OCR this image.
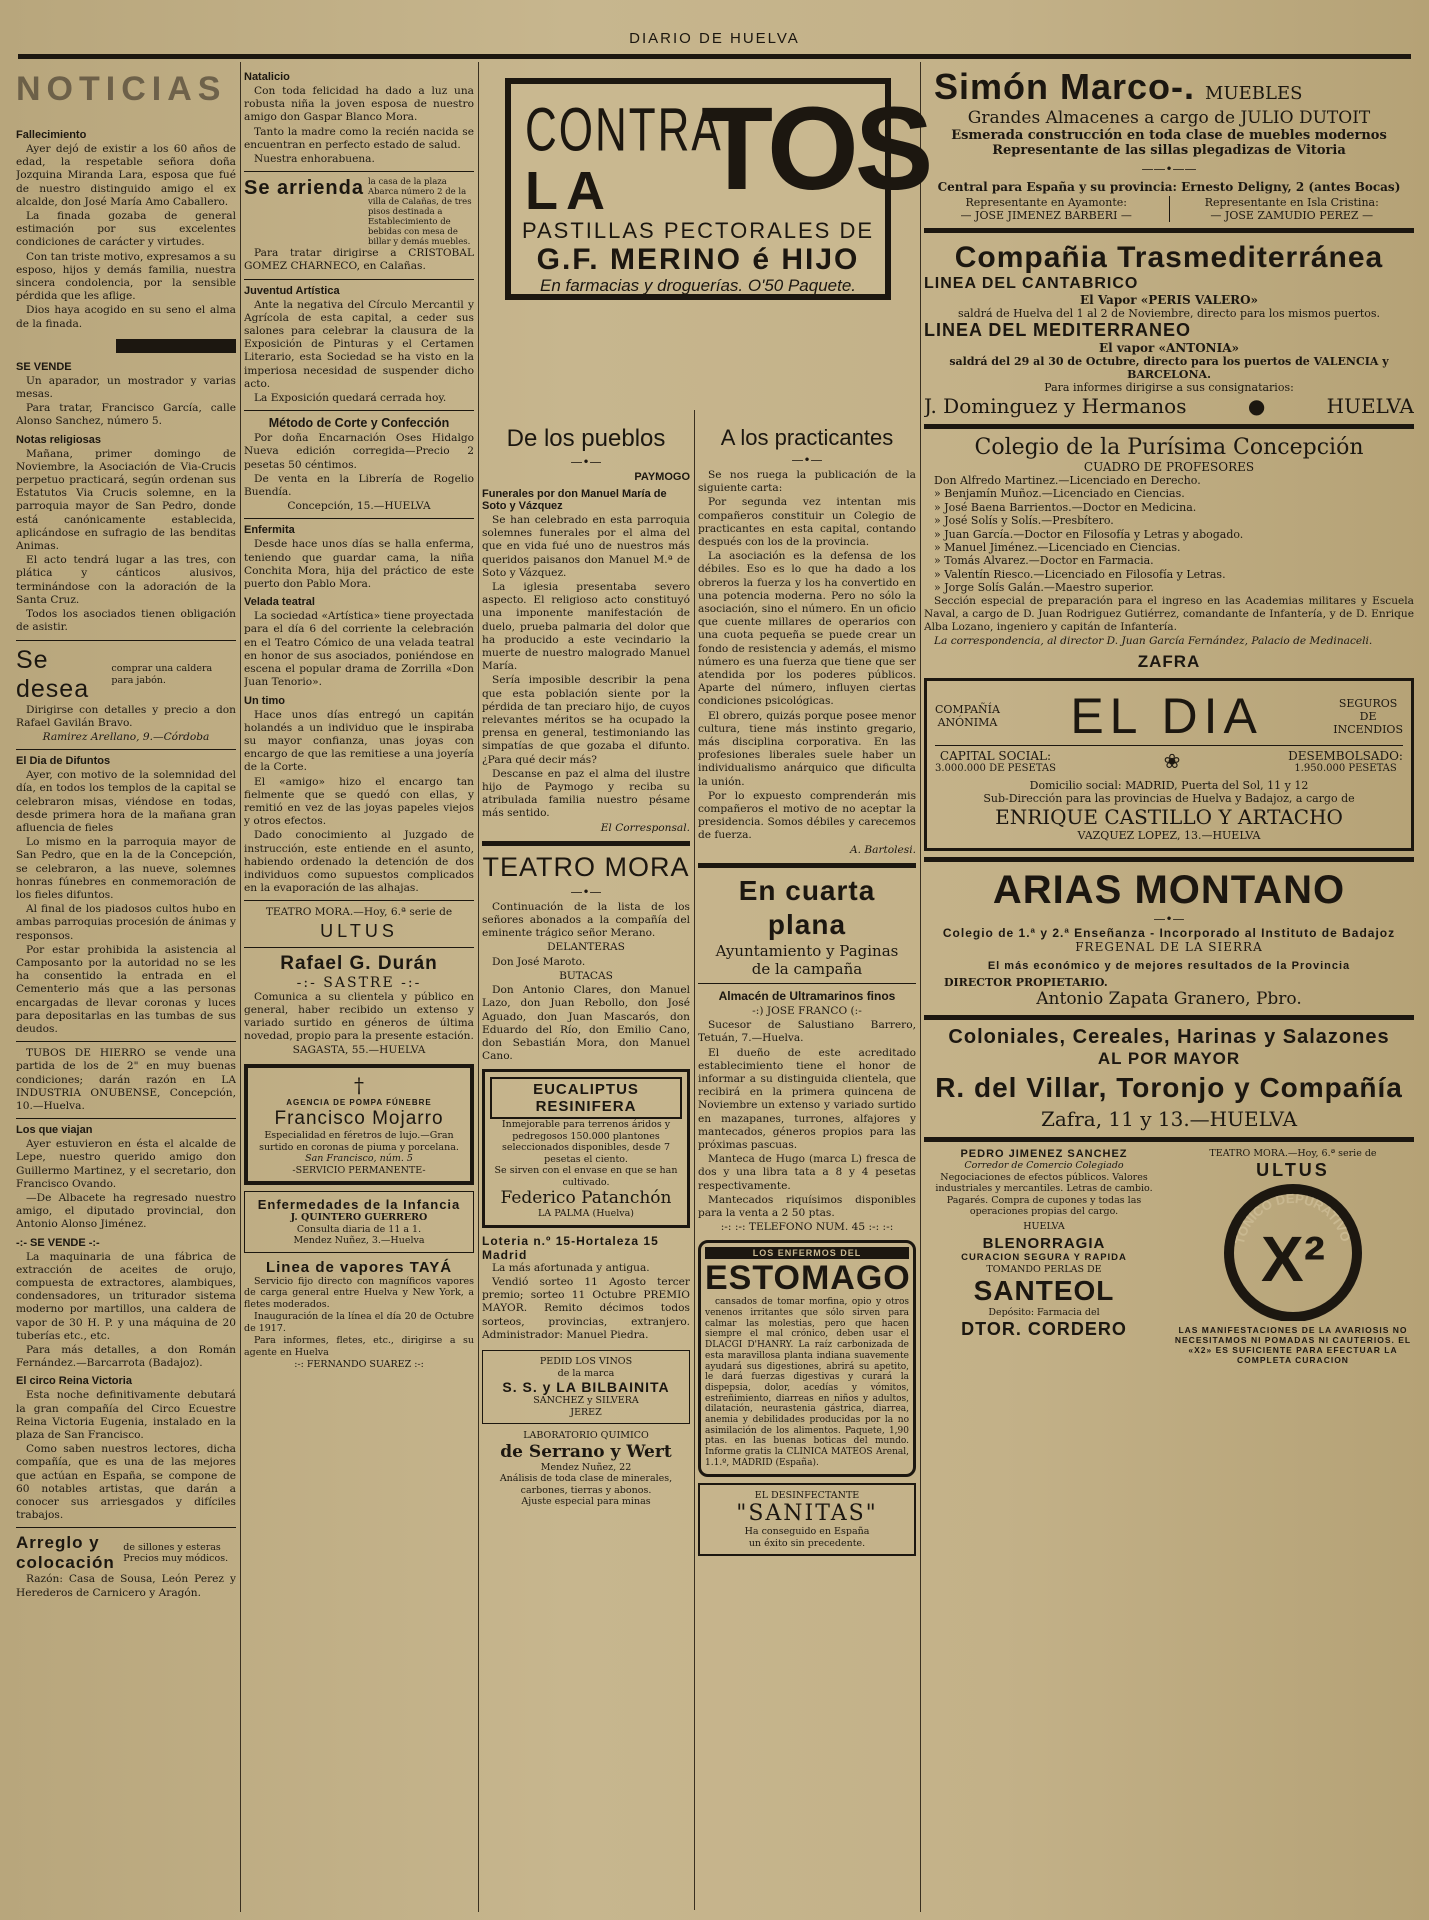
DIARIO DE HUELVA
NOTICIAS
Fallecimiento

Ayer dejó de existir a los 60 años de edad, la respetable señora doña Jozquina Miranda Lara, esposa que fué de nuestro distinguido amigo el ex alcalde, don José María Amo Caballero.

La finada gozaba de general estimación por sus excelentes condiciones de carácter y virtudes.

Con tan triste motivo, expresamos a su esposo, hijos y demás familia, nuestra sincera condolencia, por la sensible pérdida que les aflige.

Dios haya acogido en su seno el alma de la finada.

SE VENDE

Un aparador, un mostrador y varias mesas.

Para tratar, Francisco García, calle Alonso Sanchez, número 5.

Notas religiosas

Mañana, primer domingo de Noviembre, la Asociación de Via-Crucis perpetuo practicará, según ordenan sus Estatutos Via Crucis solemne, en la parroquia mayor de San Pedro, donde está canónicamente establecida, aplicándose en sufragio de las benditas Animas.

El acto tendrá lugar a las tres, con plática y cánticos alusivos, terminándose con la adoración de la Santa Cruz.

Todos los asociados tienen obligación de asistir.

Se desea
comprar una caldera para jabón.

Dirigirse con detalles y precio a don Rafael Gavilán Bravo.

Ramirez Arellano, 9.—Córdoba

El Dia de Difuntos

Ayer, con motivo de la solemnidad del día, en todos los templos de la capital se celebraron misas, viéndose en todas, desde primera hora de la mañana gran afluencia de fieles

Lo mismo en la parroquia mayor de San Pedro, que en la de la Concepción, se celebraron, a las nueve, solemnes honras fúnebres en conmemoración de los fieles difuntos.

Al final de los piadosos cultos hubo en ambas parroquias procesión de ánimas y responsos.

Por estar prohibida la asistencia al Camposanto por la autoridad no se les ha consentido la entrada en el Cementerio más que a las personas encargadas de llevar coronas y luces para depositarlas en las tumbas de sus deudos.

TUBOS DE HIERRO se vende una partida de los de 2" en muy buenas condiciones; darán razón en LA INDUSTRIA ONUBENSE, Concepción, 10.—Huelva.

Los que viajan

Ayer estuvieron en ésta el alcalde de Lepe, nuestro querido amigo don Guillermo Martinez, y el secretario, don Francisco Ovando.

—De Albacete ha regresado nuestro amigo, el diputado provincial, don Antonio Alonso Jiménez.

-:- SE VENDE -:-

La maquinaria de una fábrica de extracción de aceites de orujo, compuesta de extractores, alambiques, condensadores, un triturador sistema moderno por martillos, una caldera de vapor de 30 H. P. y una máquina de 20 tuberías etc., etc.

Para más detalles, a don Román Fernández.—Barcarrota (Badajoz).

El circo Reina Victoria

Esta noche definitivamente debutará la gran compañía del Circo Ecuestre Reina Victoria Eugenia, instalado en la plaza de San Francisco.

Como saben nuestros lectores, dicha compañía, que es una de las mejores que actúan en España, se compone de 60 notables artistas, que darán a conocer sus arriesgados y difíciles trabajos.

Arreglo y colocación
de sillones y esteras Precios muy módicos.

Razón: Casa de Sousa, León Perez y Herederos de Carnicero y Aragón.

Natalicio

Con toda felicidad ha dado a luz una robusta niña la joven esposa de nuestro amigo don Gaspar Blanco Mora.

Tanto la madre como la recién nacida se encuentran en perfecto estado de salud.

Nuestra enhorabuena.

Se arrienda la casa de la plaza Abarca número 2 de la villa de Calañas, de tres pisos destinada a Establecimiento de bebidas con mesa de billar y demás muebles.

Para tratar dirigirse a CRISTOBAL GOMEZ CHARNECO, en Calañas.

Juventud Artística

Ante la negativa del Círculo Mercantil y Agrícola de esta capital, a ceder sus salones para celebrar la clausura de la Exposición de Pinturas y el Certamen Literario, esta Sociedad se ha visto en la imperiosa necesidad de suspender dicho acto.

La Exposición quedará cerrada hoy.

Método de Corte y Confección

Por doña Encarnación Oses Hidalgo Nueva edición corregida—Precio 2 pesetas 50 céntimos.

De venta en la Librería de Rogelio Buendía.

Concepción, 15.—HUELVA

Enfermita

Desde hace unos días se halla enferma, teniendo que guardar cama, la niña Conchita Mora, hija del práctico de este puerto don Pablo Mora.

Velada teatral

La sociedad «Artística» tiene proyectada para el día 6 del corriente la celebración en el Teatro Cómico de una velada teatral en honor de sus asociados, poniéndose en escena el popular drama de Zorrilla «Don Juan Tenorio».

Un timo

Hace unos días entregó un capitán holandés a un individuo que le inspiraba su mayor confianza, unas joyas con encargo de que las remitiese a una joyería de la Corte.

El «amigo» hizo el encargo tan fielmente que se quedó con ellas, y remitió en vez de las joyas papeles viejos y otros efectos.

Dado conocimiento al Juzgado de instrucción, este entiende en el asunto, habiendo ordenado la detención de dos individuos como supuestos complicados en la evaporación de las alhajas.

TEATRO MORA.—Hoy, 6.ª serie de

ULTUS
Rafael G. Durán
-:- SASTRE -:-

Comunica a su clientela y público en general, haber recibido un extenso y variado surtido en géneros de última novedad, propio para la presente estación.

SAGASTA, 55.—HUELVA

†
AGENCIA DE POMPA FÚNEBRE
Francisco Mojarro
Especialidad en féretros de lujo.—Gran surtido en coronas de piuma y porcelana.
San Francisco, núm. 5
-SERVICIO PERMANENTE-
Enfermedades de la Infancia
J. QUINTERO GUERRERO
Consulta diaria de 11 a 1.
Mendez Nuñez, 3.—Huelva
Linea de vapores TAYÁ

Servicio fijo directo con magníficos vapores de carga general entre Huelva y New York, a fletes moderados.

Inauguración de la línea el día 20 de Octubre de 1917.

Para informes, fletes, etc., dirigirse a su agente en Huelva

:-: FERNANDO SUAREZ :-:

CONTRA
LA TOS
PASTILLAS PECTORALES DE
G.F. MERINO é HIJO
En farmacias y droguerías. O'50 Paquete.
De los pueblos
—•—
PAYMOGO
Funerales por don Manuel María de Soto y Vázquez

Se han celebrado en esta parroquia solemnes funerales por el alma del que en vida fué uno de nuestros más queridos paisanos don Manuel M.ª de Soto y Vázquez.

La iglesia presentaba severo aspecto. El religioso acto constituyó una imponente manifestación de duelo, prueba palmaria del dolor que ha producido a este vecindario la muerte de nuestro malogrado Manuel María.

Sería imposible describir la pena que esta población siente por la pérdida de tan preciaro hijo, de cuyos relevantes méritos se ha ocupado la prensa en general, testimoniando las simpatías de que gozaba el difunto. ¿Para qué decir más?

Descanse en paz el alma del ilustre hijo de Paymogo y reciba su atribulada familia nuestro pésame más sentido.

El Corresponsal.

TEATRO MORA
—•—

Continuación de la lista de los señores abonados a la compañía del eminente trágico señor Merano.

DELANTERAS

Don José Maroto.

BUTACAS

Don Antonio Clares, don Manuel Lazo, don Juan Rebollo, don José Aguado, don Juan Mascarós, don Eduardo del Río, don Emilio Cano, don Sebastián Mora, don Manuel Cano.

EUCALIPTUS RESINIFERA
Inmejorable para terrenos áridos y pedregosos 150.000 plantones seleccionados disponibles, desde 7 pesetas el ciento.
Se sirven con el envase en que se han cultivado.
Federico Patanchón
LA PALMA (Huelva)
Loteria n.º 15-Hortaleza 15 Madrid

La más afortunada y antigua.

Vendió sorteo 11 Agosto tercer premio; sorteo 11 Octubre PREMIO MAYOR. Remito décimos todos sorteos, provincias, extranjero. Administrador: Manuel Piedra.

PEDID LOS VINOS
de la marca
S. S. y LA BILBAINITA
SANCHEZ y SILVERA
JEREZ
LABORATORIO QUIMICO
de Serrano y Wert
Mendez Nuñez, 22
Análisis de toda clase de minerales, carbones, tierras y abonos.
Ajuste especial para minas
A los practicantes
—•—

Se nos ruega la publicación de la siguiente carta:

Por segunda vez intentan mis compañeros constituir un Colegio de practicantes en esta capital, contando después con los de la provincia.

La asociación es la defensa de los débiles. Eso es lo que ha dado a los obreros la fuerza y los ha convertido en una potencia moderna. Pero no sólo la asociación, sino el número. En un oficio que cuente millares de operarios con una cuota pequeña se puede crear un fondo de resistencia y además, el mismo número es una fuerza que tiene que ser atendida por los poderes públicos. Aparte del número, influyen ciertas condiciones psicológicas.

El obrero, quizás porque posee menor cultura, tiene más instinto gregario, más disciplina corporativa. En las profesiones liberales suele haber un individualismo anárquico que dificulta la unión.

Por lo expuesto comprenderán mis compañeros el motivo de no aceptar la presidencia. Somos débiles y carecemos de fuerza.

A. Bartolesi.

En cuarta plana
Ayuntamiento y Paginas
de la campaña
Almacén de Ultramarinos finos

-:) JOSE FRANCO (:-

Sucesor de Salustiano Barrero, Tetuán, 7.—Huelva.

El dueño de este acreditado establecimiento tiene el honor de informar a su distinguida clientela, que recibirá en la primera quincena de Noviembre un extenso y variado surtido en mazapanes, turrones, alfajores y mantecados, géneros propios para las próximas pascuas.

Manteca de Hugo (marca L) fresca de dos y una libra tata a 8 y 4 pesetas respectivamente.

Mantecados riquísimos disponibles para la venta a 2 50 ptas.

:-: :-: TELEFONO NUM. 45 :-: :-:

LOS ENFERMOS DEL
ESTOMAGO

cansados de tomar morfina, opio y otros venenos irritantes que sólo sirven para calmar las molestias, pero que hacen siempre el mal crónico, deben usar el DLACGI D'HANRY. La raíz carbonizada de esta maravillosa planta indiana suavemente ayudará sus digestiones, abrirá su apetito, le dará fuerzas digestivas y curará la dispepsia, dolor, acedías y vómitos, estreñimiento, diarreas en niños y adultos, dilatación, neurastenia gástrica, diarrea, anemia y debilidades producidas por la no asimilación de los alimentos. Paquete, 1,90 ptas. en las buenas boticas del mundo. Informe gratis la CLINICA MATEOS Arenal, 1.1.º, MADRID (España).

EL DESINFECTANTE
"SANITAS"
Ha conseguido en España
un éxito sin precedente.
Simón Marco-. MUEBLES
Grandes Almacenes a cargo de JULIO DUTOIT
Esmerada construcción en toda clase de muebles modernos
Representante de las sillas plegadizas de Vitoria
——•——
Central para España y su provincia: Ernesto Deligny, 2 (antes Bocas)
Representante en Ayamonte:
— JOSE JIMENEZ BARBERI —
Representante en Isla Cristina:
— JOSE ZAMUDIO PEREZ —
Compañia Trasmediterránea
LINEA DEL CANTABRICO
El Vapor «PERIS VALERO»
saldrá de Huelva del 1 al 2 de Noviembre, directo para los mismos puertos.
LINEA DEL MEDITERRANEO
El vapor «ANTONIA»
saldrá del 29 al 30 de Octubre, directo para los puertos de VALENCIA y BARCELONA.
Para informes dirigirse a sus consignatarios:
J. Dominguez y Hermanos	●	HUELVA
Colegio de la Purísima Concepción
CUADRO DE PROFESORES
Don Alfredo Martinez.—Licenciado en Derecho.
» Benjamín Muñoz.—Licenciado en Ciencias.
» José Baena Barrientos.—Doctor en Medicina.
» José Solís y Solís.—Presbítero.
» Juan García.—Doctor en Filosofía y Letras y abogado.
» Manuel Jiménez.—Licenciado en Ciencias.
» Tomás Alvarez.—Doctor en Farmacia.
» Valentín Riesco.—Licenciado en Filosofía y Letras.
» Jorge Solís Galán.—Maestro superior.

Sección especial de preparación para el ingreso en las Academias militares y Escuela Naval, a cargo de D. Juan Rodriguez Gutiérrez, comandante de Infantería, y de D. Enrique Alba Lozano, ingeniero y capitán de Infantería.

La correspondencia, al director D. Juan García Fernández, Palacio de Medinaceli.

ZAFRA
COMPAÑÍA
ANÓNIMA EL DIA	SEGUROS
DE
INCENDIOS
CAPITAL SOCIAL:
3.000.000 DE PESETAS	❀	DESEMBOLSADO:
1.950.000 PESETAS
Domicilio social: MADRID, Puerta del Sol, 11 y 12
Sub-Dirección para las provincias de Huelva y Badajoz, a cargo de
ENRIQUE CASTILLO Y ARTACHO
VAZQUEZ LOPEZ, 13.—HUELVA
ARIAS MONTANO
—•—
Colegio de 1.ª y 2.ª Enseñanza - Incorporado al Instituto de Badajoz
FREGENAL DE LA SIERRA
El más económico y de mejores resultados de la Provincia
DIRECTOR PROPIETARIO.
Antonio Zapata Granero, Pbro.
Coloniales, Cereales, Harinas y Salazones
AL POR MAYOR
R. del Villar, Toronjo y Compañía
Zafra, 11 y 13.—HUELVA
PEDRO JIMENEZ SANCHEZ
Corredor de Comercio Colegiado
Negociaciones de efectos públicos. Valores industriales y mercantiles. Letras de cambio. Pagarés. Compra de cupones y todas las operaciones propias del cargo.
HUELVA
BLENORRAGIA
CURACION SEGURA Y RAPIDA
TOMANDO PERLAS DE
SANTEOL
Depósito: Farmacia del
DTOR. CORDERO
TEATRO MORA.—Hoy, 6.ª serie de
ULTUS
TONICO DEPURATIVO
X²
LAS MANIFESTACIONES DE LA AVARIOSIS NO NECESITAMOS NI POMADAS NI CAUTERIOS. EL «X2» ES SUFICIENTE PARA EFECTUAR LA COMPLETA CURACION
